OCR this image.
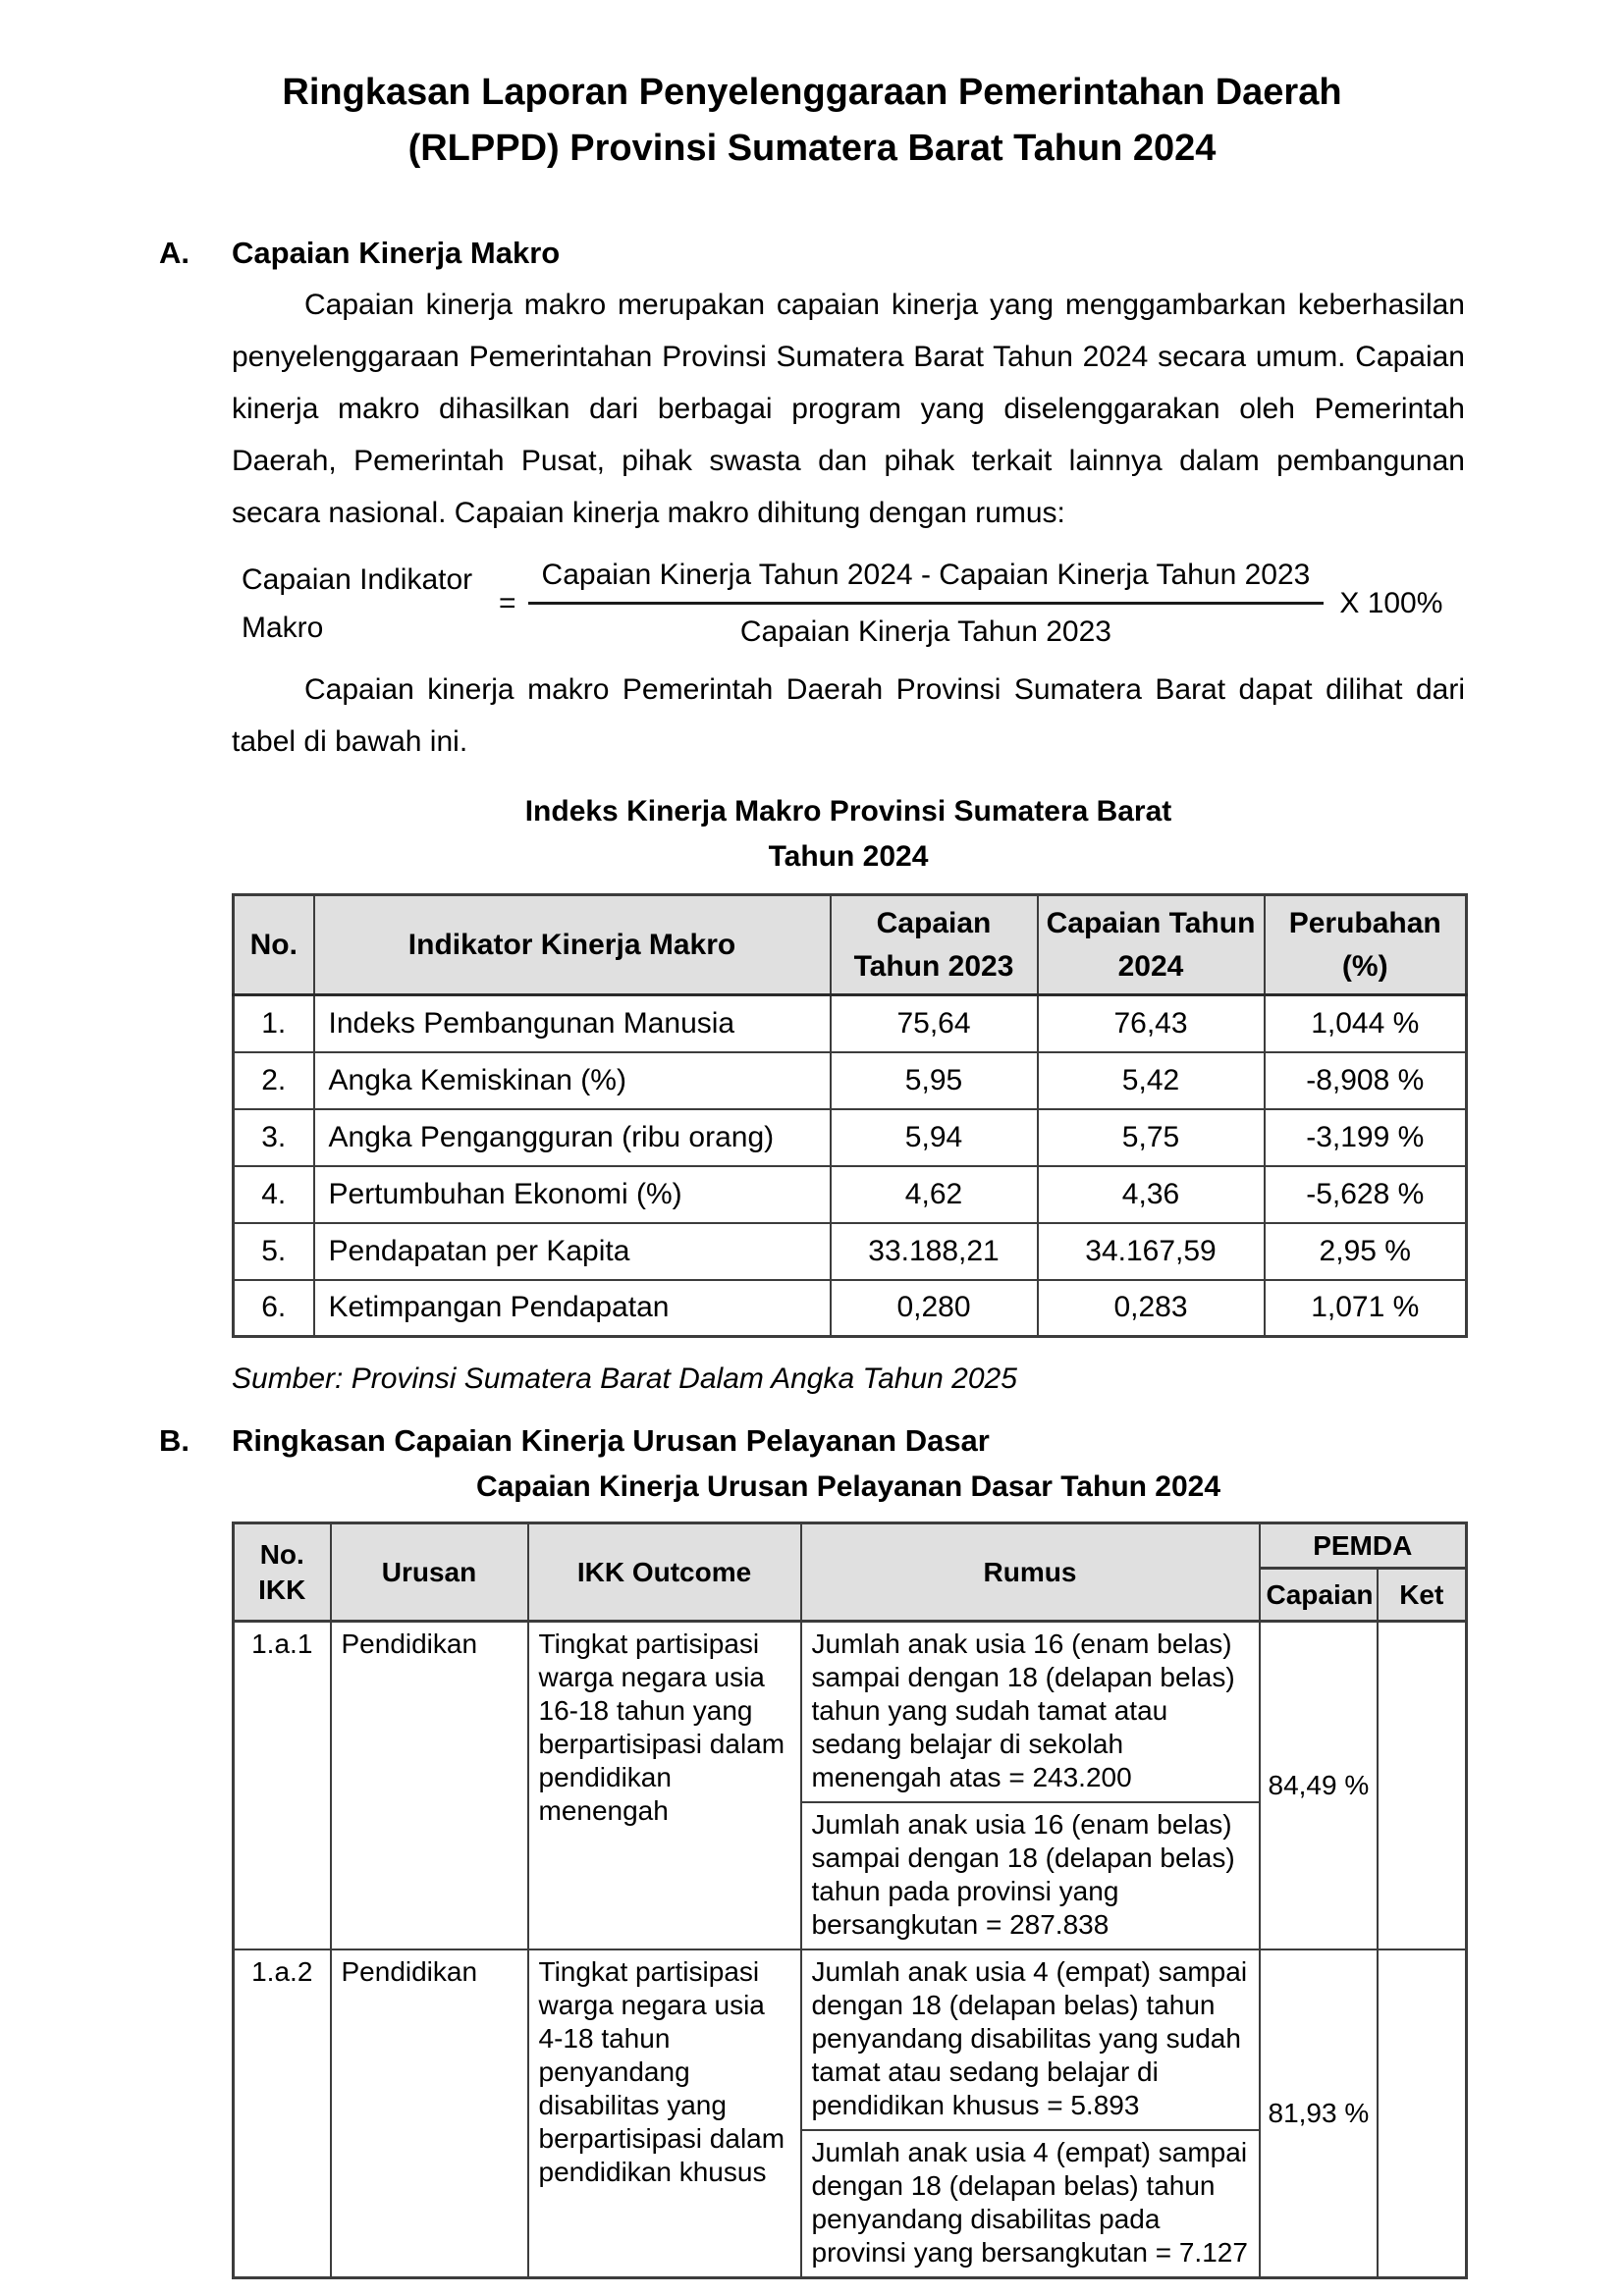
Ringkasan Laporan Penyelenggaraan Pemerintahan Daerah
(RLPPD) Provinsi Sumatera Barat Tahun 2024
A.	Capaian Kinerja Makro
Capaian kinerja makro merupakan capaian kinerja yang menggambarkan keberhasilan penyelenggaraan Pemerintahan Provinsi Sumatera Barat Tahun 2024 secara umum. Capaian kinerja makro dihasilkan dari berbagai program yang diselenggarakan oleh Pemerintah Daerah, Pemerintah Pusat, pihak swasta dan pihak terkait lainnya dalam pembangunan secara nasional. Capaian kinerja makro dihitung dengan rumus:
Capaian Indikator
Makro
= $\frac{\text{Capaian Kinerja Tahun 2024 - Capaian Kinerja Tahun 2023}}{\text{Capaian Kinerja Tahun 2023}}$ X 100%
Capaian kinerja makro Pemerintah Daerah Provinsi Sumatera Barat dapat dilihat dari tabel di bawah ini.
Indeks Kinerja Makro Provinsi Sumatera Barat
Tahun 2024
No.	Indikator Kinerja Makro	Capaian Tahun 2023	Capaian Tahun 2024	Perubahan (%)
1.	Indeks Pembangunan Manusia	75,64	76,43	1,044 %
2.	Angka Kemiskinan (%)	5,95	5,42	-8,908 %
3.	Angka Pengangguran (ribu orang)	5,94	5,75	-3,199 %
4.	Pertumbuhan Ekonomi (%)	4,62	4,36	-5,628 %
5.	Pendapatan per Kapita	33.188,21	34.167,59	2,95 %
6.	Ketimpangan Pendapatan	0,280	0,283	1,071 %
Sumber: Provinsi Sumatera Barat Dalam Angka Tahun 2025
B.	Ringkasan Capaian Kinerja Urusan Pelayanan Dasar
Capaian Kinerja Urusan Pelayanan Dasar Tahun 2024
No. IKK	Urusan	IKK Outcome	Rumus	PEMDA	
				Capaian	Ket
1.a.1	Pendidikan	Tingkat partisipasi warga negara usia 16-18 tahun yang berpartisipasi dalam pendidikan menengah	Jumlah anak usia 16 (enam belas) sampai dengan 18 (delapan belas) tahun yang sudah tamat atau sedang belajar di sekolah menengah atas = 243.200	84,49 %	
			Jumlah anak usia 16 (enam belas) sampai dengan 18 (delapan belas) tahun pada provinsi yang bersangkutan = 287.838		
1.a.2	Pendidikan	Tingkat partisipasi warga negara usia 4-18 tahun penyandang disabilitas yang berpartisipasi dalam pendidikan khusus	Jumlah anak usia 4 (empat) sampai dengan 18 (delapan belas) tahun penyandang disabilitas yang sudah tamat atau sedang belajar di pendidikan khusus = 5.893	81,93 %	
			Jumlah anak usia 4 (empat) sampai dengan 18 (delapan belas) tahun penyandang disabilitas pada provinsi yang bersangkutan = 7.127		
